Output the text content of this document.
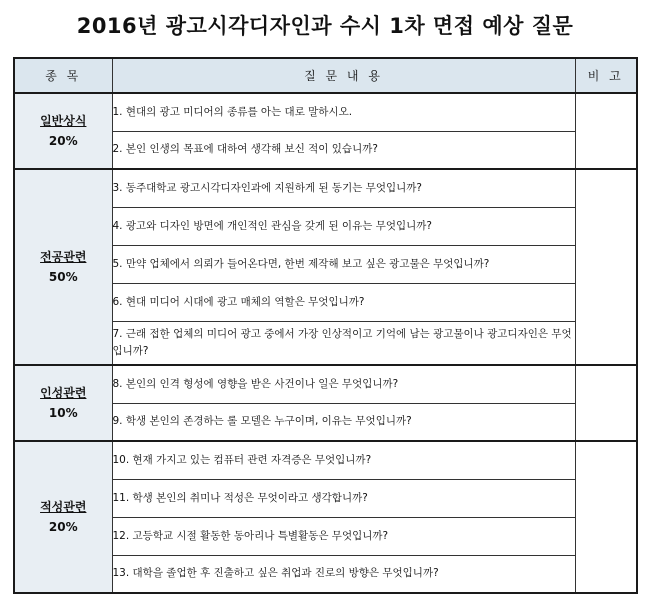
2016년 광고시각디자인과 수시 1차 면접 예상 질문
종 목	질 문 내 용	비 고

일반상식
20%	1. 현대의 광고 미디어의 종류를 아는 대로 말하시오.	
	2. 본인 인생의 목표에 대하여 생각해 보신 적이 있습니까?	

전공관련
50%	3. 동주대학교 광고시각디자인과에 지원하게 된 동기는 무엇입니까?	
	4. 광고와 디자인 방면에 개인적인 관심을 갖게 된 이유는 무엇입니까?	
	5. 만약 업체에서 의뢰가 들어온다면, 한번 제작해 보고 싶은 광고물은 무엇입니까?	
	6. 현대 미디어 시대에 광고 매체의 역할은 무엇입니까?	
	7. 근래 접한 업체의 미디어 광고 중에서 가장 인상적이고 기억에 남는 광고물이나 광고디자인은 무엇입니까?	

인성관련
10%	8. 본인의 인격 형성에 영향을 받은 사건이나 일은 무엇입니까?	
	9. 학생 본인의 존경하는 롤 모델은 누구이며, 이유는 무엇입니까?	

적성관련
20%	10. 현재 가지고 있는 컴퓨터 관련 자격증은 무엇입니까?	
	11. 학생 본인의 취미나 적성은 무엇이라고 생각합니까?	
	12. 고등학교 시절 활동한 동아리나 특별활동은 무엇입니까?	
	13. 대학을 졸업한 후 진출하고 싶은 취업과 진로의 방향은 무엇입니까?	
